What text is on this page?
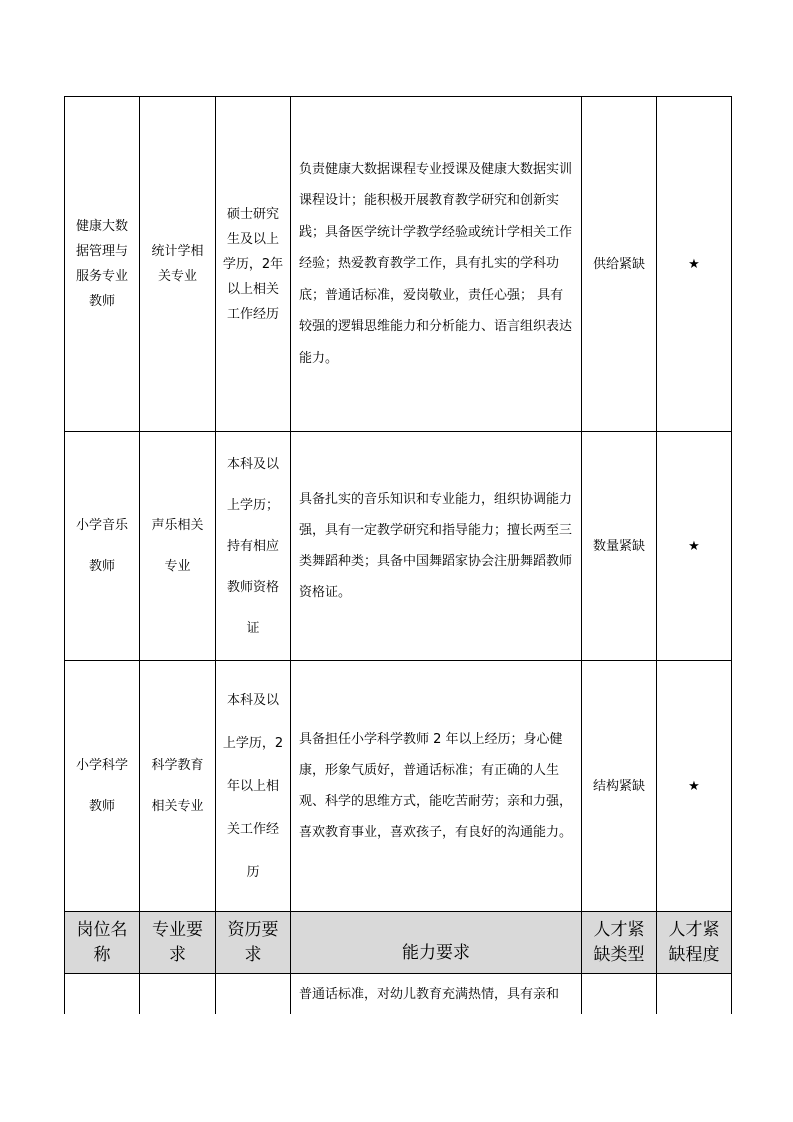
健康大数据管理与服务专业教师	统计学相关专业	硕士研究生及以上学历，2年以上相关工作经历	负责健康大数据课程专业授课及健康大数据实训课程设计；能积极开展教育教学研究和创新实践；具备医学统计学教学经验或统计学相关工作经验；热爱教育教学工作，具有扎实的学科功底；普通话标准，爱岗敬业，责任心强； 具有较强的逻辑思维能力和分析能力、语言组织表达能力。	供给紧缺	★
小学音乐教师	声乐相关专业	本科及以上学历；持有相应教师资格证	具备扎实的音乐知识和专业能力，组织协调能力强，具有一定教学研究和指导能力；擅长两至三类舞蹈种类；具备中国舞蹈家协会注册舞蹈教师资格证。	数量紧缺	★
小学科学教师	科学教育相关专业	本科及以上学历，2年以上相关工作经历	具备担任小学科学教师 2 年以上经历；身心健康，形象气质好，普通话标准；有正确的人生 观、科学的思维方式，能吃苦耐劳；亲和力强， 喜欢教育事业，喜欢孩子，有良好的沟通能力。	结构紧缺	★
岗位名称	专业要求	资历要求	能力要求	人才紧缺类型	人才紧缺程度
			普通话标准，对幼儿教育充满热情，具有亲和		
